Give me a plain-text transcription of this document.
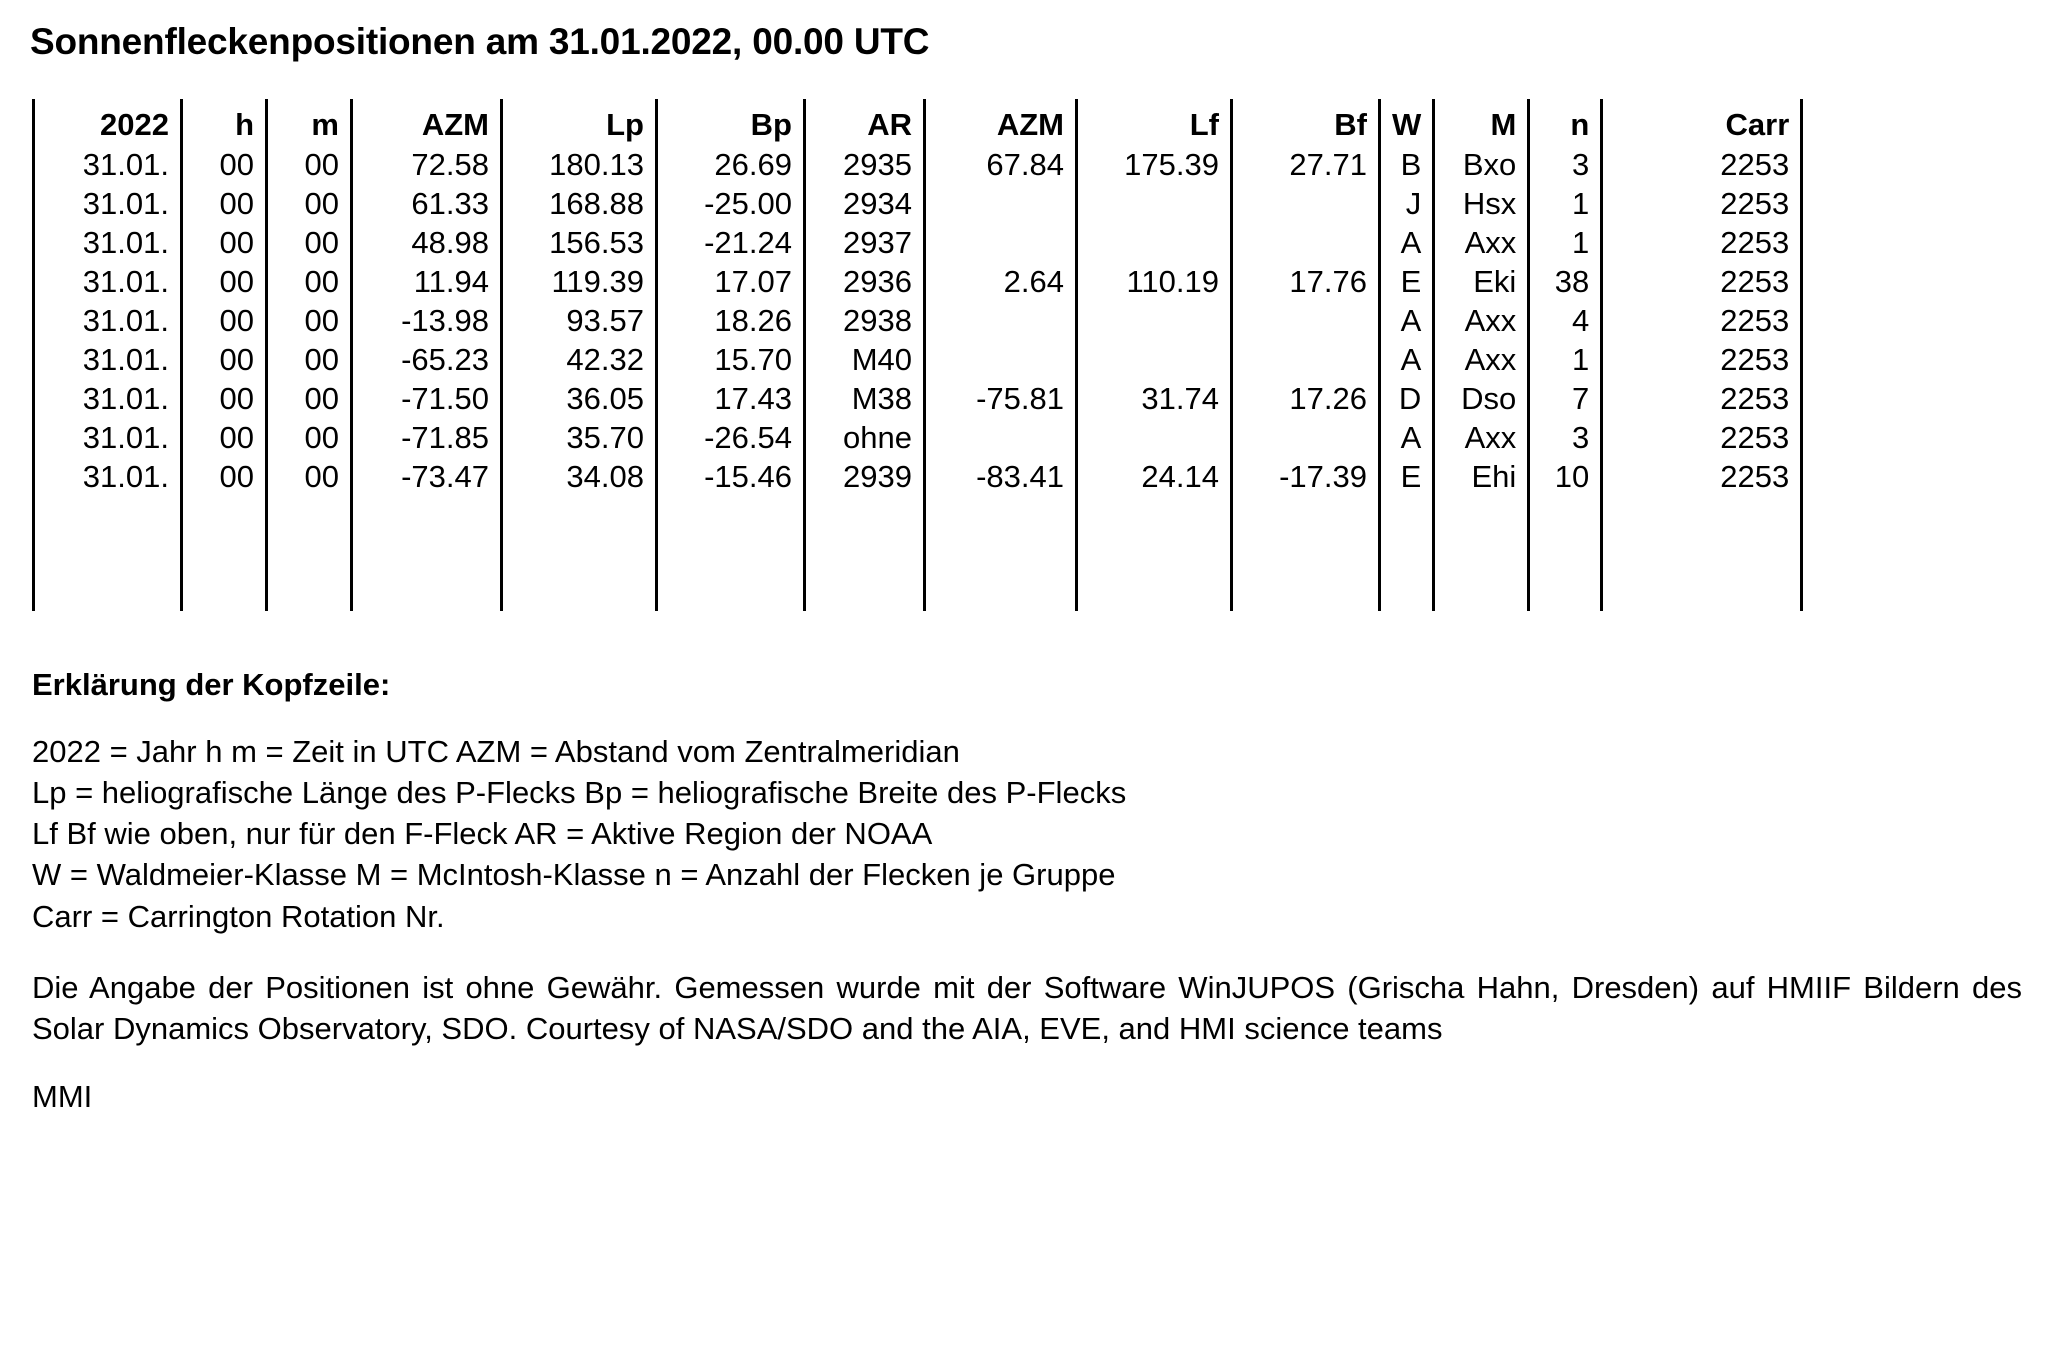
Sonnenfleckenpositionen am 31.01.2022, 00.00 UTC
2022	h	m	AZM	Lp	Bp	AR	AZM	Lf	Bf	W	M	n	Carr
31.01.	00	00	72.58	180.13	26.69	2935	67.84	175.39	27.71	B	Bxo	3	2253
31.01.	00	00	61.33	168.88	-25.00	2934				J	Hsx	1	2253
31.01.	00	00	48.98	156.53	-21.24	2937				A	Axx	1	2253
31.01.	00	00	11.94	119.39	17.07	2936	2.64	110.19	17.76	E	Eki	38	2253
31.01.	00	00	-13.98	93.57	18.26	2938				A	Axx	4	2253
31.01.	00	00	-65.23	42.32	15.70	M40				A	Axx	1	2253
31.01.	00	00	-71.50	36.05	17.43	M38	-75.81	31.74	17.26	D	Dso	7	2253
31.01.	00	00	-71.85	35.70	-26.54	ohne				A	Axx	3	2253
31.01.	00	00	-73.47	34.08	-15.46	2939	-83.41	24.14	-17.39	E	Ehi	10	2253

Erklärung der Kopfzeile:
2022 = Jahr h m = Zeit in UTC AZM = Abstand vom Zentralmeridian
Lp = heliografische Länge des P-Flecks Bp = heliografische Breite des P-Flecks
Lf Bf wie oben, nur für den F-Fleck AR = Aktive Region der NOAA
W = Waldmeier-Klasse M = McIntosh-Klasse n = Anzahl der Flecken je Gruppe
Carr = Carrington Rotation Nr.
Die Angabe der Positionen ist ohne Gewähr. Gemessen wurde mit der Software WinJUPOS (Grischa Hahn, Dresden) auf HMIIF Bildern des Solar Dynamics Observatory, SDO. Courtesy of NASA/SDO and the AIA, EVE, and HMI science teams
MMI
